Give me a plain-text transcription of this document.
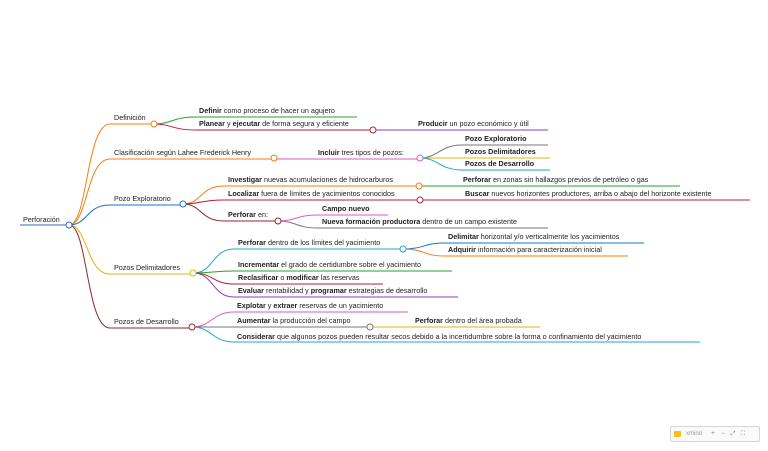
Perforación
Definición
Definir como proceso de hacer un agujero
Planear y ejecutar de forma segura y eficiente	Producir un pozo económico y útil
Clasificación según Lahee Frederick Henry	Incluir tres tipos de pozos:
Pozo Exploratorio
Pozos Delimitadores
Pozos de Desarrollo
Pozo Exploratorio
Investigar nuevas acumulaciones de hidrocarburos	Perforar en zonas sin hallazgos previos de petróleo o gas
Localizar fuera de límites de yacimientos conocidos	Buscar nuevos horizontes productores, arriba o abajo del horizonte existente
Perforar en:
Campo nuevo
Nueva formación productora dentro de un campo existente
Pozos Delimitadores
Perforar dentro de los límites del yacimiento
Delimitar horizontal y/o verticalmente los yacimientos
Adquirir información para caracterización inicial
Incrementar el grado de certidumbre sobre el yacimiento
Reclasificar o modificar las reservas
Evaluar rentabilidad y programar estrategias de desarrollo
Pozos de Desarrollo
Explotar y extraer reservas de un yacimiento
Aumentar la producción del campo	Perforar dentro del área probada
Considerar que algunos pozos pueden resultar secos debido a la incertidumbre sobre la forma o confinamiento del yacimiento
xmind	+	− ⤢ ⛶
